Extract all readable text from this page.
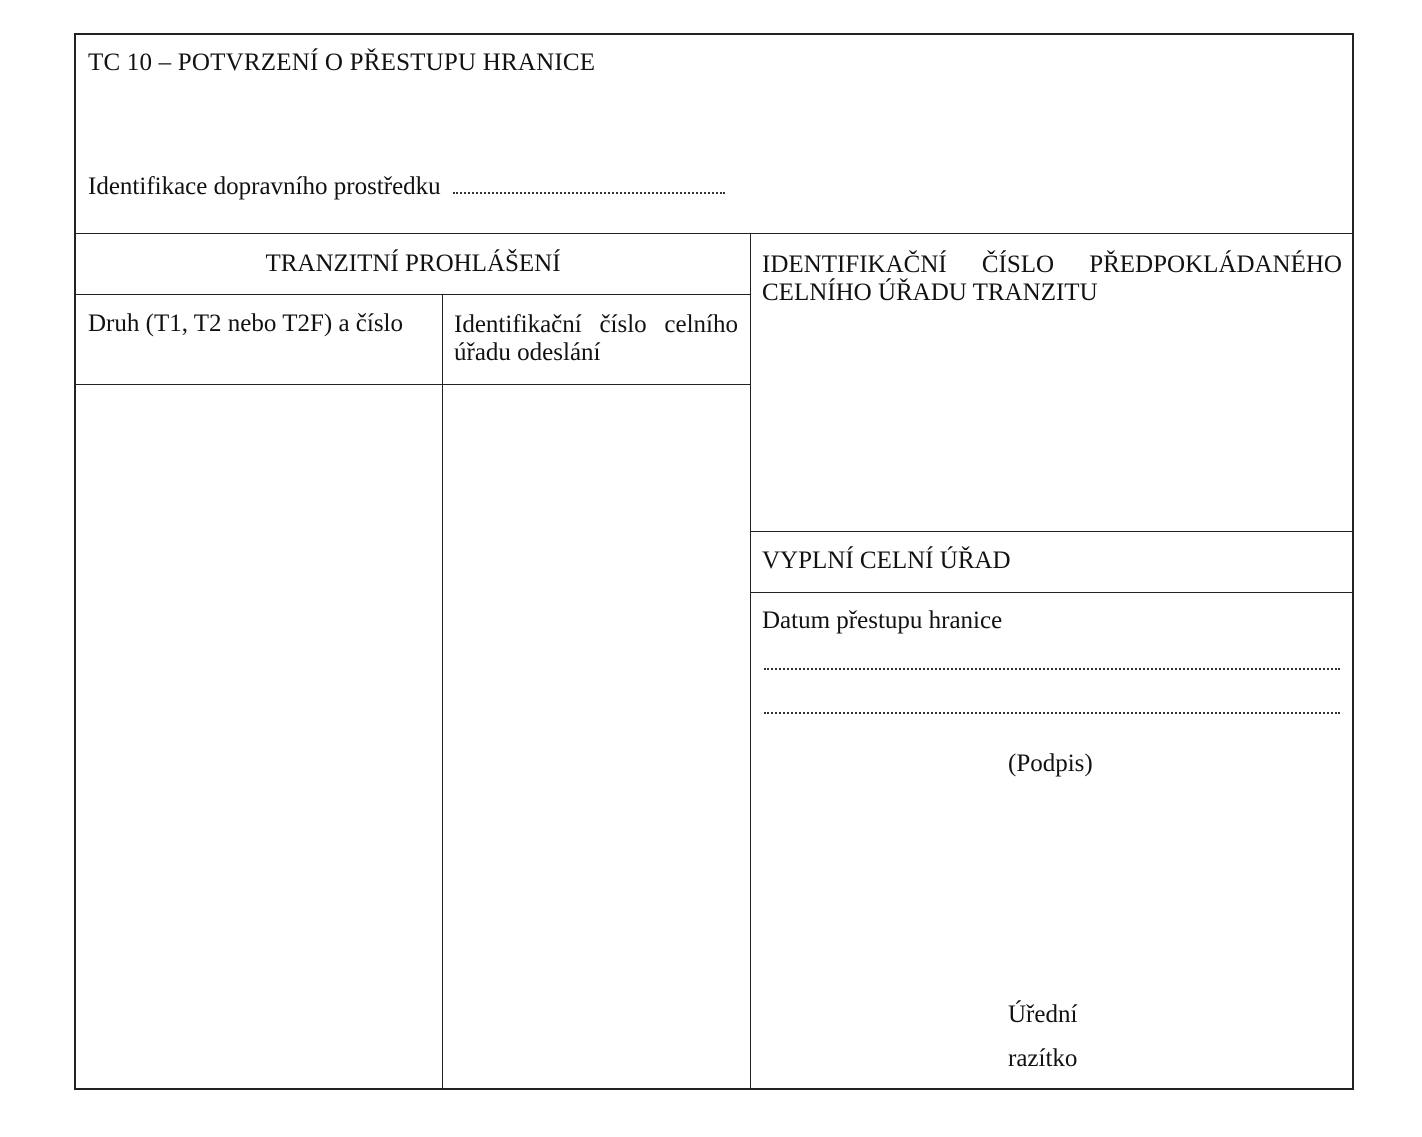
TC 10 – POTVRZENÍ O PŘESTUPU HRANICE
Identifikace dopravního prostředku
TRANZITNÍ PROHLÁŠENÍ
Druh (T1, T2 nebo T2F) a číslo Identifikační číslo celního
úřadu odeslání
IDENTIFIKAČNÍ ČÍSLO PŘEDPOKLÁDANÉHO
CELNÍHO ÚŘADU TRANZITU
VYPLNÍ CELNÍ ÚŘAD
Datum přestupu hranice
(Podpis)
Úřední
razítko
